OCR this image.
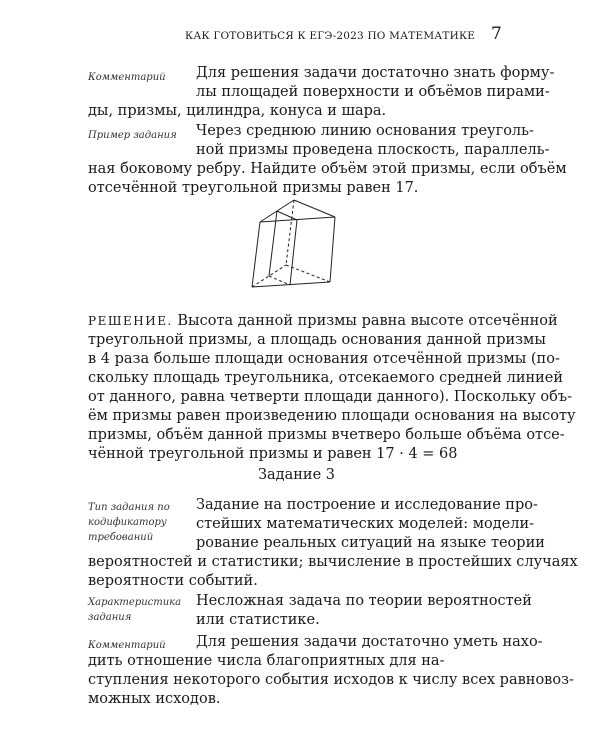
КАК ГОТОВИТЬСЯ К ЕГЭ-2023 ПО МАТЕМАТИКЕ 7
Комментарий Для решения задачи достаточно знать форму-
лы площадей поверхности и объёмов пирами-
ды, призмы, цилиндра, конуса и шара.
Пример задания Через среднюю линию основания треуголь-
ной призмы проведена плоскость, параллель-
ная боковому ребру. Найдите объём этой призмы, если объём
отсечённой треугольной призмы равен 17.
РЕШЕНИЕ. Высота данной призмы равна высоте отсечённой
треугольной призмы, а площадь основания данной призмы
в 4 раза больше площади основания отсечённой призмы (по-
скольку площадь треугольника, отсекаемого средней линией
от данного, равна четверти площади данного). Поскольку объ-
ём призмы равен произведению площади основания на высоту
призмы, объём данной призмы вчетверо больше объёма отсе-
чённой треугольной призмы и равен 17 · 4 = 68
Задание 3
Тип задания по
кодификатору
требований
Задание на построение и исследование про-
стейших математических моделей: модели-
рование реальных ситуаций на языке теории
вероятностей и статистики; вычисление в простейших случаях
вероятности событий.
Характеристика
задания
Несложная задача по теории вероятностей
или статистике.
Комментарий Для решения задачи достаточно уметь нахо-
дить отношение числа благоприятных для на-
ступления некоторого события исходов к числу всех равновоз-
можных исходов.
